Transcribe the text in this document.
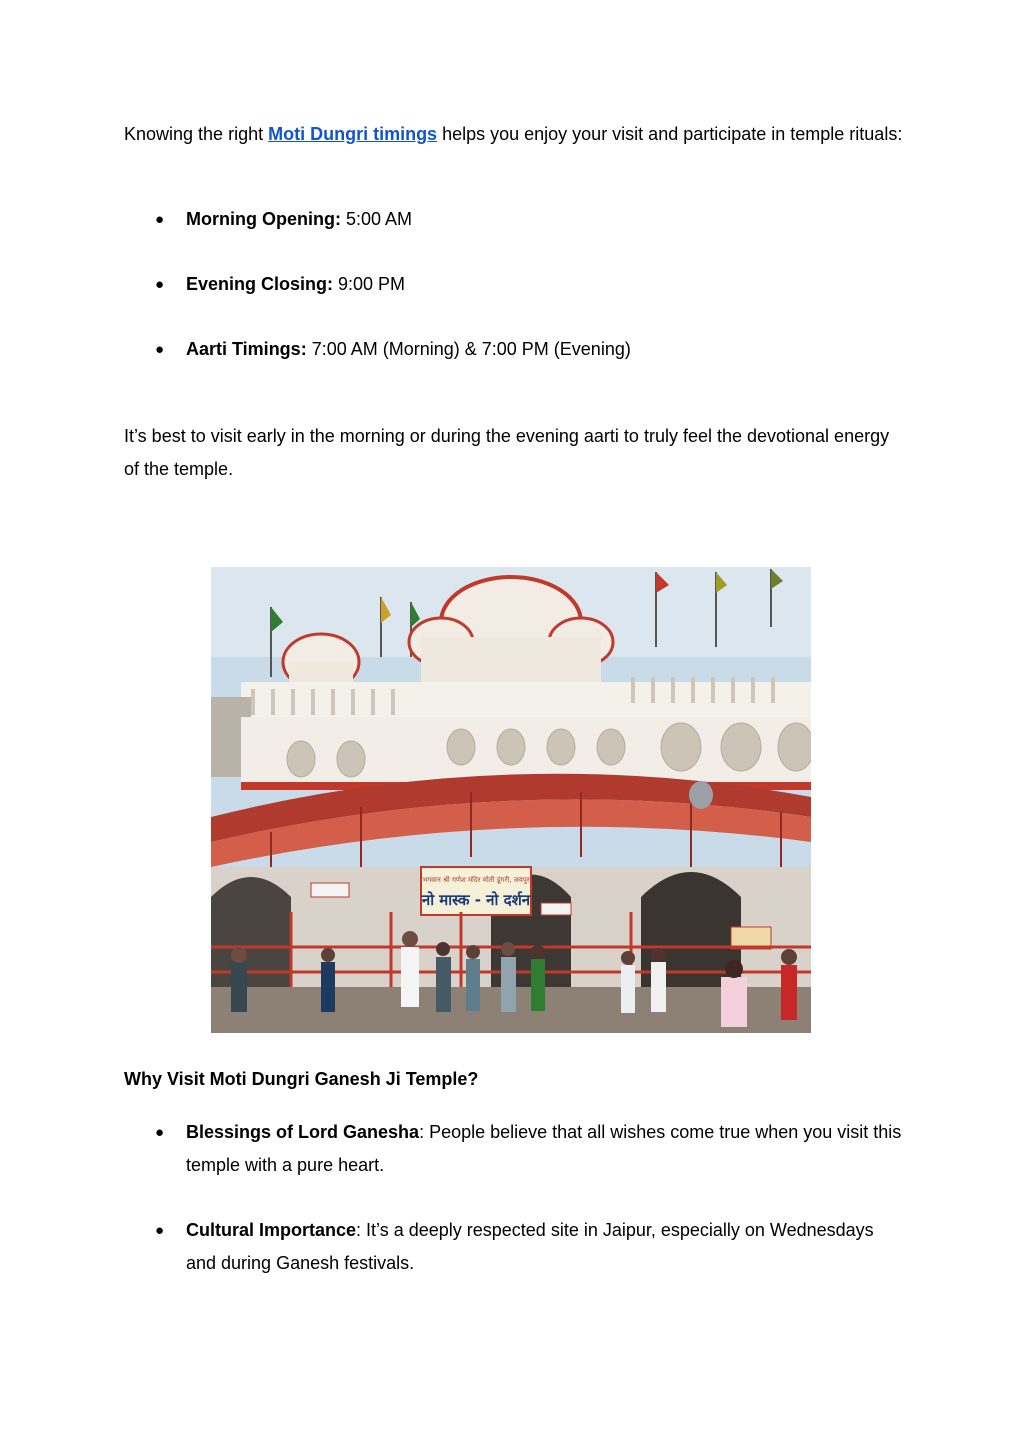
Knowing the right Moti Dungri timings helps you enjoy your visit and participate in temple rituals:

● Morning Opening: 5:00 AM
● Evening Closing: 9:00 PM
● Aarti Timings: 7:00 AM (Morning) & 7:00 PM (Evening)

It’s best to visit early in the morning or during the evening aarti to truly feel the devotional energy of the temple.

भगवान श्री गणेश मंदिर मोती डूंगरी, जयपुर
नो मास्क - नो दर्शन
Why Visit Moti Dungri Ganesh Ji Temple?
● Blessings of Lord Ganesha: People believe that all wishes come true when you visit this temple with a pure heart.
● Cultural Importance: It’s a deeply respected site in Jaipur, especially on Wednesdays and during Ganesh festivals.
